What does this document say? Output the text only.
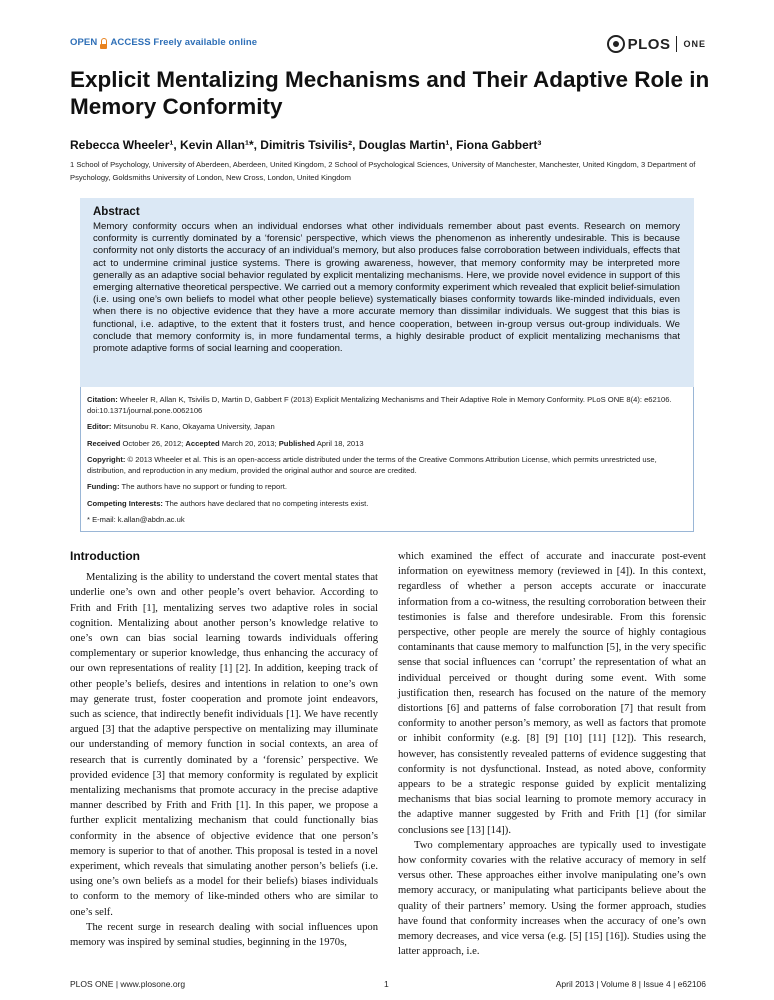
OPEN ACCESS Freely available online	PLOS ONE
Explicit Mentalizing Mechanisms and Their Adaptive Role in Memory Conformity
Rebecca Wheeler¹, Kevin Allan¹*, Dimitris Tsivilis², Douglas Martin¹, Fiona Gabbert³
1 School of Psychology, University of Aberdeen, Aberdeen, United Kingdom, 2 School of Psychological Sciences, University of Manchester, Manchester, United Kingdom, 3 Department of Psychology, Goldsmiths University of London, New Cross, London, United Kingdom
Abstract

Memory conformity occurs when an individual endorses what other individuals remember about past events. Research on memory conformity is currently dominated by a ‘forensic’ perspective, which views the phenomenon as inherently undesirable. This is because conformity not only distorts the accuracy of an individual’s memory, but also produces false corroboration between individuals, effects that act to undermine criminal justice systems. There is growing awareness, however, that memory conformity may be interpreted more generally as an adaptive social behavior regulated by explicit mentalizing mechanisms. Here, we provide novel evidence in support of this emerging alternative theoretical perspective. We carried out a memory conformity experiment which revealed that explicit belief-simulation (i.e. using one’s own beliefs to model what other people believe) systematically biases conformity towards like-minded individuals, even when there is no objective evidence that they have a more accurate memory than dissimilar individuals. We suggest that this bias is functional, i.e. adaptive, to the extent that it fosters trust, and hence cooperation, between in-group versus out-group individuals. We conclude that memory conformity is, in more fundamental terms, a highly desirable product of explicit mentalizing mechanisms that promote adaptive forms of social learning and cooperation.

Citation: Wheeler R, Allan K, Tsivilis D, Martin D, Gabbert F (2013) Explicit Mentalizing Mechanisms and Their Adaptive Role in Memory Conformity. PLoS ONE 8(4): e62106. doi:10.1371/journal.pone.0062106
Editor: Mitsunobu R. Kano, Okayama University, Japan
Received October 26, 2012; Accepted March 20, 2013; Published April 18, 2013
Copyright: © 2013 Wheeler et al. This is an open-access article distributed under the terms of the Creative Commons Attribution License, which permits unrestricted use, distribution, and reproduction in any medium, provided the original author and source are credited.
Funding: The authors have no support or funding to report.
Competing Interests: The authors have declared that no competing interests exist.
* E-mail: k.allan@abdn.ac.uk
Introduction

Mentalizing is the ability to understand the covert mental states that underlie one’s own and other people’s overt behavior. According to Frith and Frith [1], mentalizing serves two adaptive roles in social cognition. Mentalizing about another person’s knowledge relative to one’s own can bias social learning towards individuals offering complementary or superior knowledge, thus enhancing the accuracy of our own representations of reality [1] [2]. In addition, keeping track of other people’s beliefs, desires and intentions in relation to one’s own may generate trust, foster cooperation and promote joint endeavors, such as science, that indirectly benefit individuals [1]. We have recently argued [3] that the adaptive perspective on mentalizing may illuminate our understanding of memory function in social contexts, an area of research that is currently dominated by a ‘forensic’ perspective. We provided evidence [3] that memory conformity is regulated by explicit mentalizing mechanisms that promote accuracy in the precise adaptive manner described by Frith and Frith [1]. In this paper, we propose a further explicit mentalizing mechanism that could functionally bias conformity in the absence of objective evidence that one person’s memory is superior to that of another. This proposal is tested in a novel experiment, which reveals that simulating another person’s beliefs (i.e. using one’s own beliefs as a model for their beliefs) biases individuals to conform to the memory of like-minded others who are similar to one’s self.

The recent surge in research dealing with social influences upon memory was inspired by seminal studies, beginning in the 1970s,

which examined the effect of accurate and inaccurate post-event information on eyewitness memory (reviewed in [4]). In this context, regardless of whether a person accepts accurate or inaccurate information from a co-witness, the resulting corroboration between their testimonies is false and therefore undesirable. From this forensic perspective, other people are merely the source of highly contagious contaminants that cause memory to malfunction [5], in the very specific sense that social influences can ‘corrupt’ the representation of what an individual perceived or thought during some event. With some justification then, research has focused on the nature of the memory distortions [6] and patterns of false corroboration [7] that result from conformity to another person’s memory, as well as factors that promote or inhibit conformity (e.g. [8] [9] [10] [11] [12]). This research, however, has consistently revealed patterns of evidence suggesting that conformity is not dysfunctional. Instead, as noted above, conformity appears to be a strategic response guided by explicit mentalizing mechanisms that bias social learning to promote memory accuracy in the adaptive manner suggested by Frith and Frith [1] (for similar conclusions see [13] [14]).

Two complementary approaches are typically used to investigate how conformity covaries with the relative accuracy of memory in self versus other. These approaches either involve manipulating one’s own memory accuracy, or manipulating what participants believe about the quality of their partners’ memory. Using the former approach, studies have found that conformity increases when the accuracy of one’s own memory decreases, and vice versa (e.g. [5] [15] [16]). Studies using the latter approach, i.e.

PLOS ONE | www.plosone.org	1	April 2013 | Volume 8 | Issue 4 | e62106
